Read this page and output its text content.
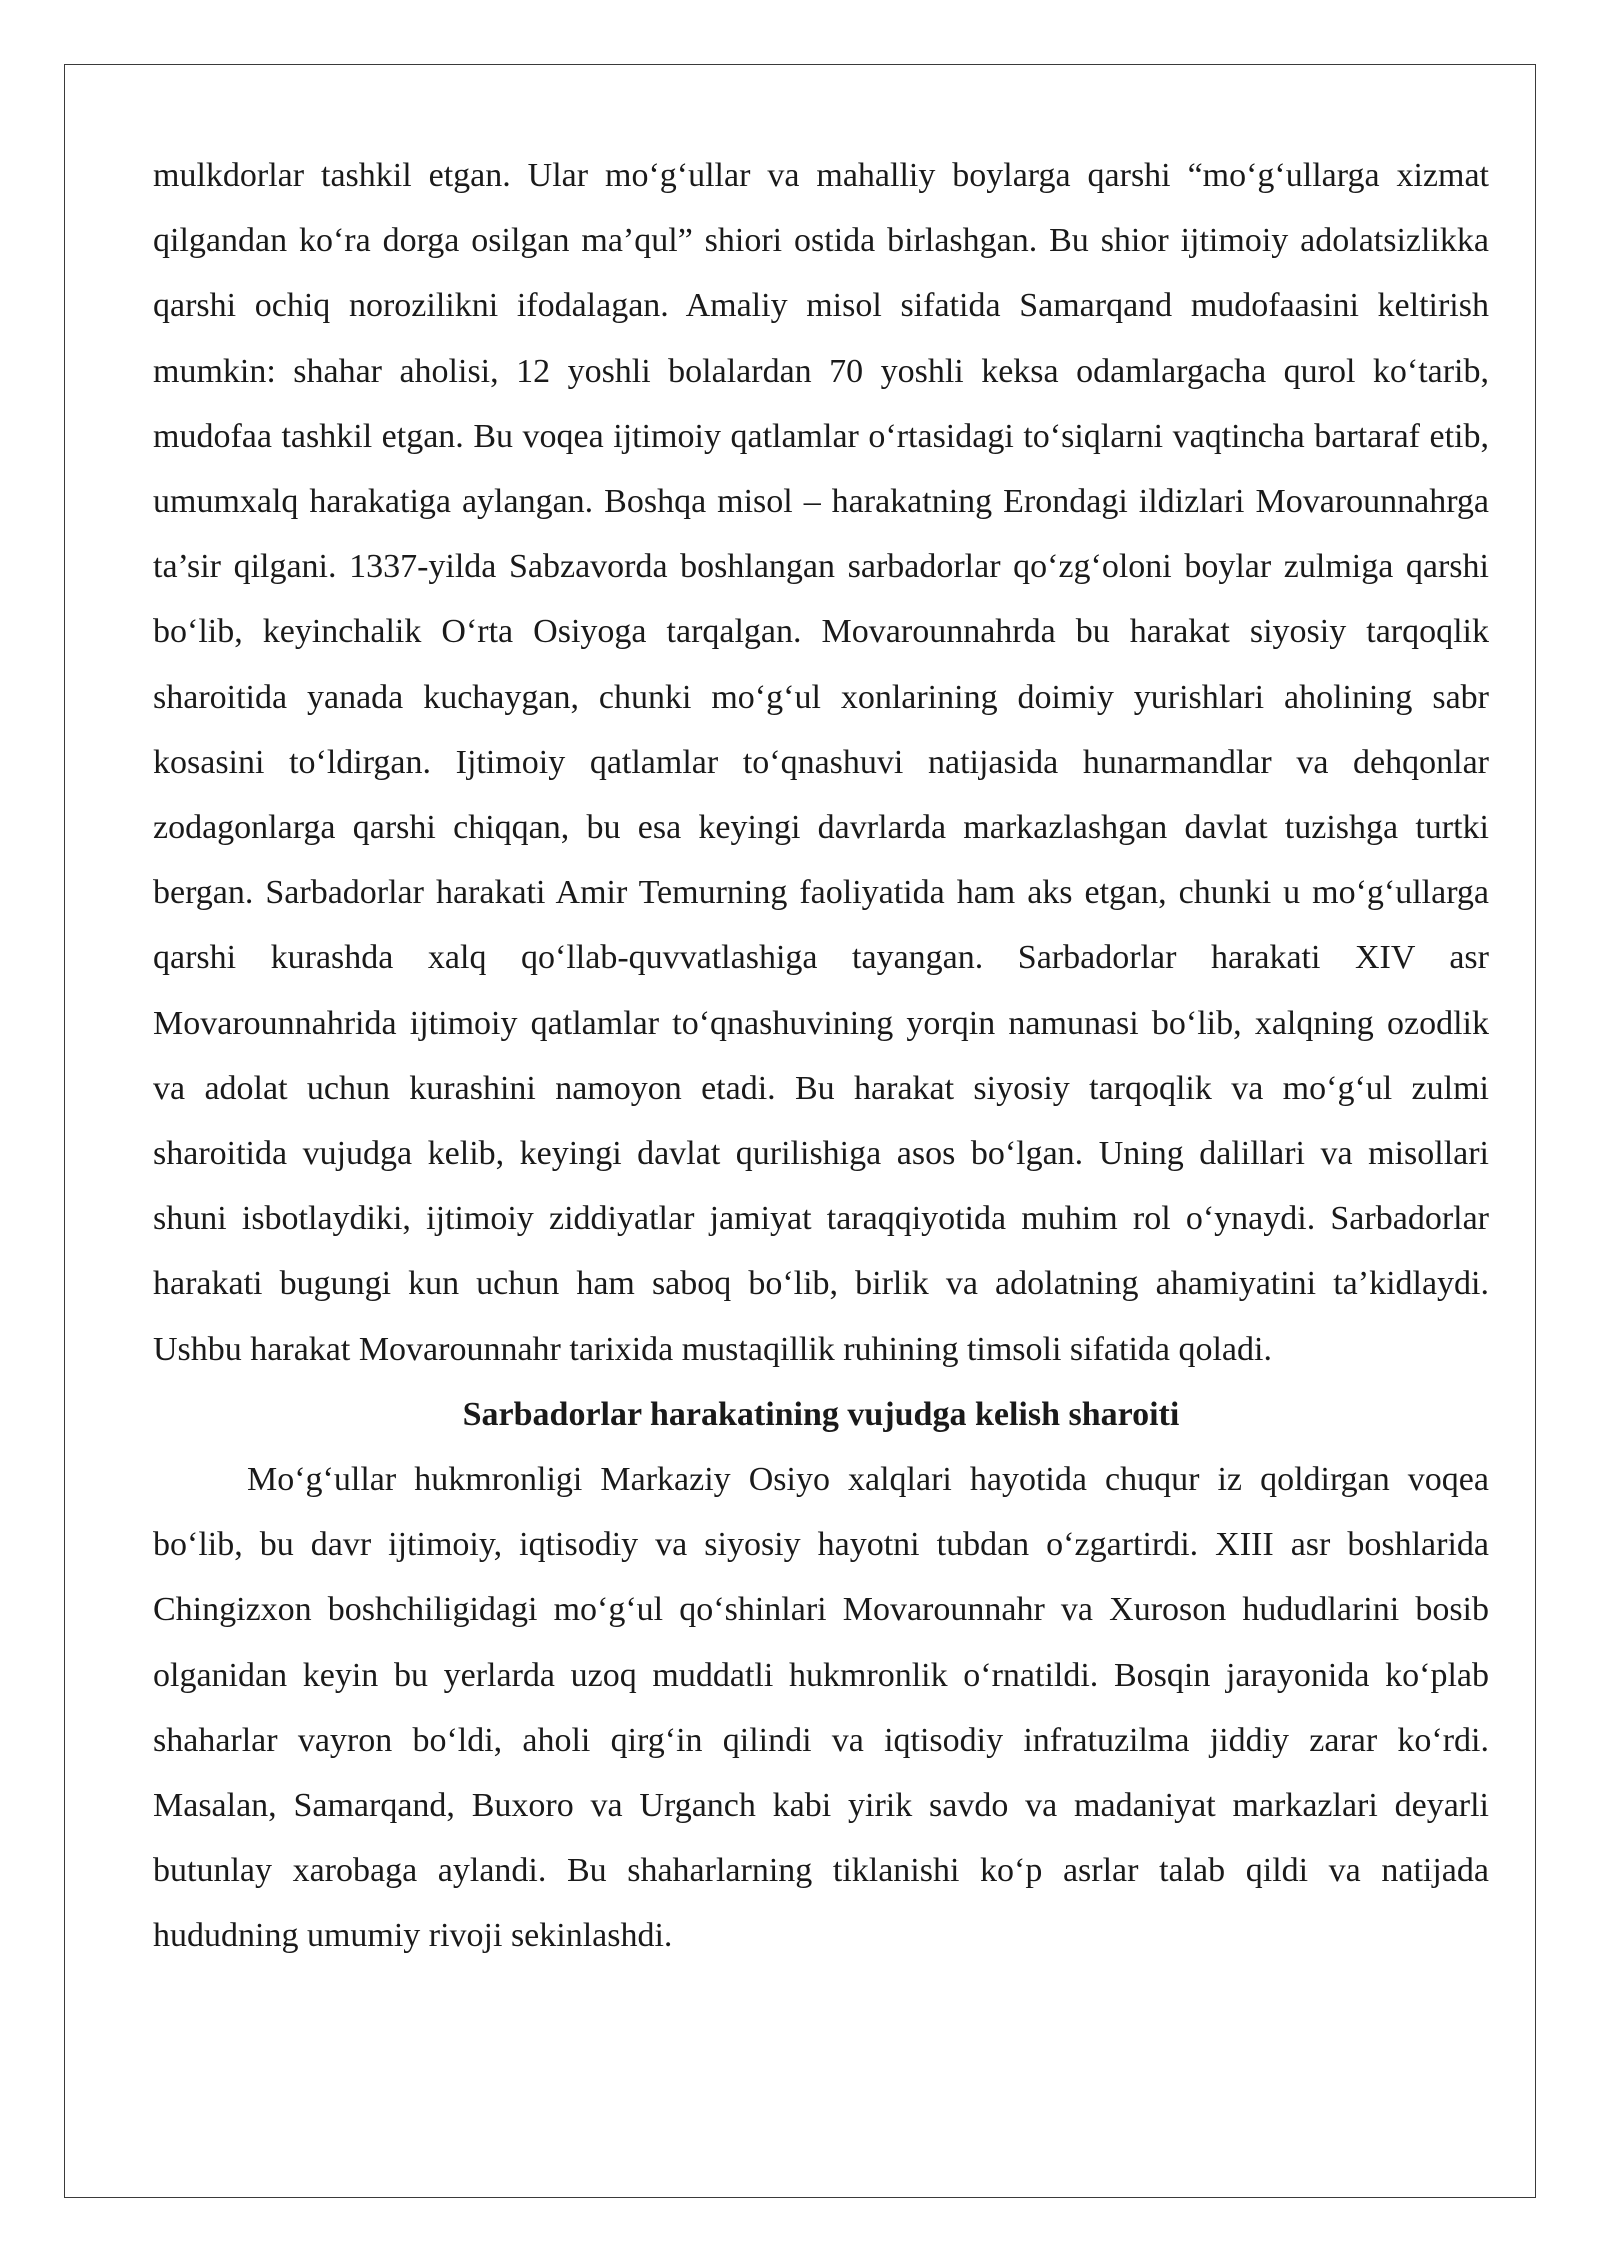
mulkdorlar tashkil etgan. Ular mo‘g‘ullar va mahalliy boylarga qarshi “mo‘g‘ullarga xizmat qilgandan ko‘ra dorga osilgan ma’qul” shiori ostida birlashgan. Bu shior ijtimoiy adolatsizlikka qarshi ochiq norozilikni ifodalagan. Amaliy misol sifatida Samarqand mudofaasini keltirish mumkin: shahar aholisi, 12 yoshli bolalardan 70 yoshli keksa odamlargacha qurol ko‘tarib, mudofaa tashkil etgan. Bu voqea ijtimoiy qatlamlar o‘rtasidagi to‘siqlarni vaqtincha bartaraf etib, umumxalq harakatiga aylangan. Boshqa misol – harakatning Erondagi ildizlari Movarounnahrga ta’sir qilgani. 1337-yilda Sabzavorda boshlangan sarbadorlar qo‘zg‘oloni boylar zulmiga qarshi bo‘lib, keyinchalik O‘rta Osiyoga tarqalgan. Movarounnahrda bu harakat siyosiy tarqoqlik sharoitida yanada kuchaygan, chunki mo‘g‘ul xonlarining doimiy yurishlari aholining sabr kosasini to‘ldirgan. Ijtimoiy qatlamlar to‘qnashuvi natijasida hunarmandlar va dehqonlar zodagonlarga qarshi chiqqan, bu esa keyingi davrlarda markazlashgan davlat tuzishga turtki bergan. Sarbadorlar harakati Amir Temurning faoliyatida ham aks etgan, chunki u mo‘g‘ullarga qarshi kurashda xalq qo‘llab-quvvatlashiga tayangan. Sarbadorlar harakati XIV asr Movarounnahrida ijtimoiy qatlamlar to‘qnashuvining yorqin namunasi bo‘lib, xalqning ozodlik va adolat uchun kurashini namoyon etadi. Bu harakat siyosiy tarqoqlik va mo‘g‘ul zulmi sharoitida vujudga kelib, keyingi davlat qurilishiga asos bo‘lgan. Uning dalillari va misollari shuni isbotlaydiki, ijtimoiy ziddiyatlar jamiyat taraqqiyotida muhim rol o‘ynaydi. Sarbadorlar harakati bugungi kun uchun ham saboq bo‘lib, birlik va adolatning ahamiyatini ta’kidlaydi. Ushbu harakat Movarounnahr tarixida mustaqillik ruhining timsoli sifatida qoladi.

Sarbadorlar harakatining vujudga kelish sharoiti

Mo‘g‘ullar hukmronligi Markaziy Osiyo xalqlari hayotida chuqur iz qoldirgan voqea bo‘lib, bu davr ijtimoiy, iqtisodiy va siyosiy hayotni tubdan o‘zgartirdi. XIII asr boshlarida Chingizxon boshchiligidagi mo‘g‘ul qo‘shinlari Movarounnahr va Xuroson hududlarini bosib olganidan keyin bu yerlarda uzoq muddatli hukmronlik o‘rnatildi. Bosqin jarayonida ko‘plab shaharlar vayron bo‘ldi, aholi qirg‘in qilindi va iqtisodiy infratuzilma jiddiy zarar ko‘rdi. Masalan, Samarqand, Buxoro va Urganch kabi yirik savdo va madaniyat markazlari deyarli butunlay xarobaga aylandi. Bu shaharlarning tiklanishi ko‘p asrlar talab qildi va natijada hududning umumiy rivoji sekinlashdi.
